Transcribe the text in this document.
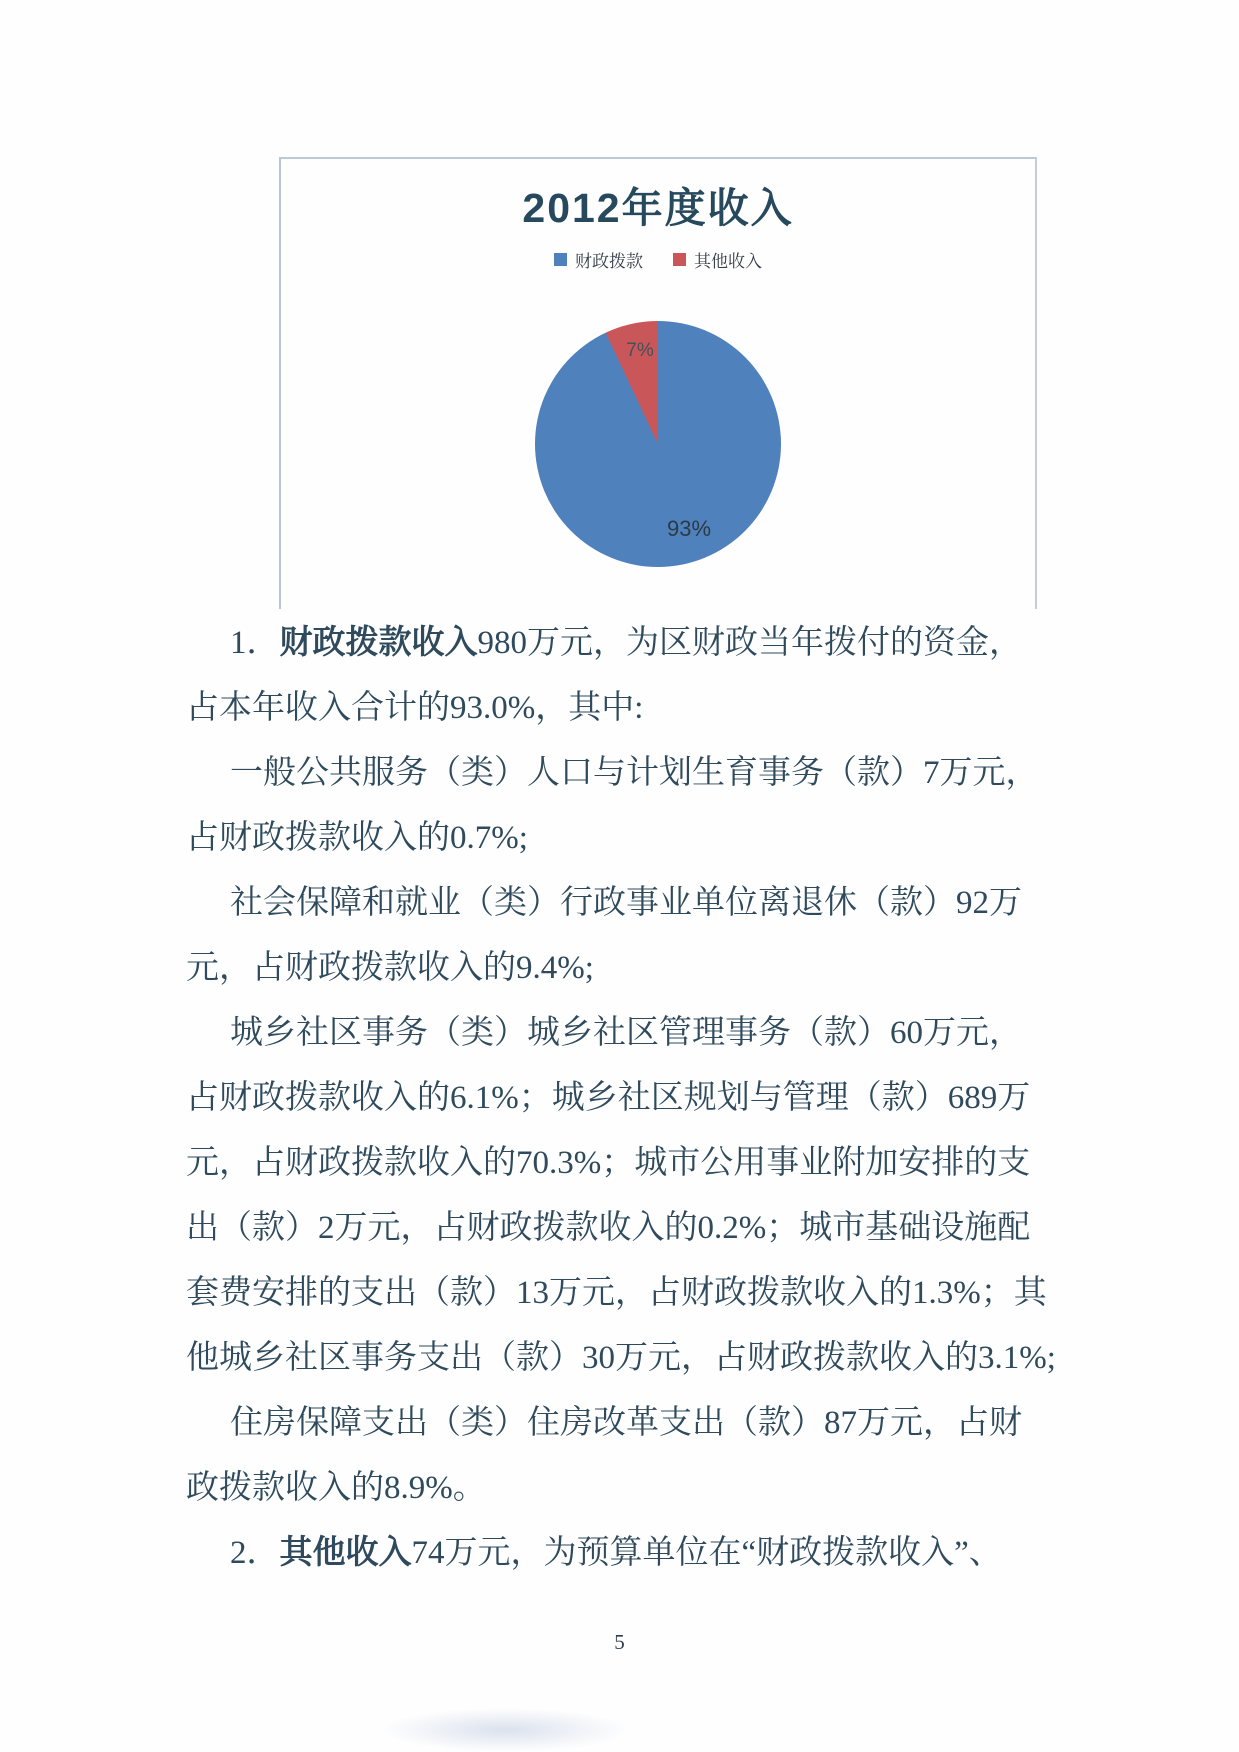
2012年度收入
财政拨款	其他收入
7%
93%
1．财政拨款收入980万元，为区财政当年拨付的资金，
占本年收入合计的93.0%，其中:
一般公共服务（类）人口与计划生育事务（款）7万元，
占财政拨款收入的0.7%;
社会保障和就业（类）行政事业单位离退休（款）92万
元，占财政拨款收入的9.4%;
城乡社区事务（类）城乡社区管理事务（款）60万元，
占财政拨款收入的6.1%；城乡社区规划与管理（款）689万
元，占财政拨款收入的70.3%；城市公用事业附加安排的支
出（款）2万元，占财政拨款收入的0.2%；城市基础设施配
套费安排的支出（款）13万元，占财政拨款收入的1.3%；其
他城乡社区事务支出（款）30万元，占财政拨款收入的3.1%;
住房保障支出（类）住房改革支出（款）87万元，占财
政拨款收入的8.9%。
2．其他收入74万元，为预算单位在“财政拨款收入”、
5
